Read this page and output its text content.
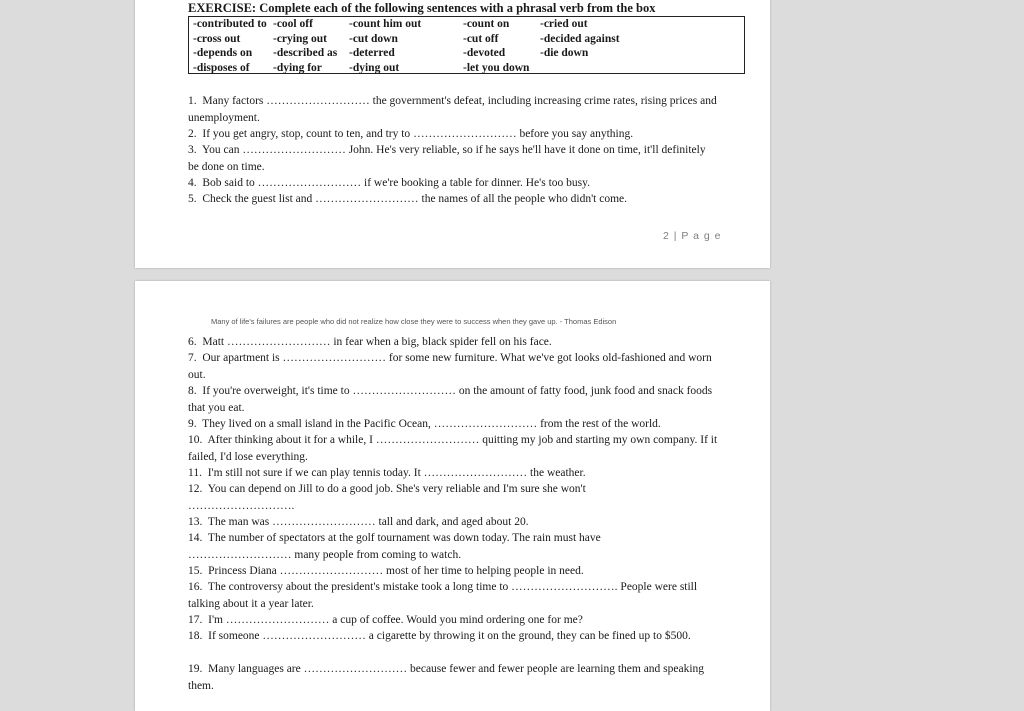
EXERCISE: Complete each of the following sentences with a phrasal verb from the box
-contributed to	-cool off	-count him out	-count on	-cried out
-cross out	-crying out	-cut down	-cut off	-decided against
-depends on	-described as	-deterred	-devoted	-die down
-disposes of	-dying for	-dying out	-let you down	
1. Many factors ……………………… the government's defeat, including increasing crime rates, rising prices and unemployment.
2. If you get angry, stop, count to ten, and try to ……………………… before you say anything.
3. You can ……………………… John. He's very reliable, so if he says he'll have it done on time, it'll definitely be done on time.
4. Bob said to ……………………… if we're booking a table for dinner. He's too busy.
5. Check the guest list and ……………………… the names of all the people who didn't come.
2 | P a g e
Many of life's failures are people who did not realize how close they were to success when they gave up. - Thomas Edison
6. Matt ……………………… in fear when a big, black spider fell on his face.
7. Our apartment is ……………………… for some new furniture. What we've got looks old-fashioned and worn out.
8. If you're overweight, it's time to ……………………… on the amount of fatty food, junk food and snack foods that you eat.
9. They lived on a small island in the Pacific Ocean, ……………………… from the rest of the world.
10. After thinking about it for a while, I ……………………… quitting my job and starting my own company. If it failed, I'd lose everything.
11. I'm still not sure if we can play tennis today. It ……………………… the weather.
12. You can depend on Jill to do a good job. She's very reliable and I'm sure she won't
……………………….
13. The man was ……………………… tall and dark, and aged about 20.
14. The number of spectators at the golf tournament was down today. The rain must have
……………………… many people from coming to watch.
15. Princess Diana ……………………… most of her time to helping people in need.
16. The controversy about the president's mistake took a long time to ………………………. People were still talking about it a year later.
17. I'm ……………………… a cup of coffee. Would you mind ordering one for me?
18. If someone ……………………… a cigarette by throwing it on the ground, they can be fined up to $500.
19. Many languages are ……………………… because fewer and fewer people are learning them and speaking them.
